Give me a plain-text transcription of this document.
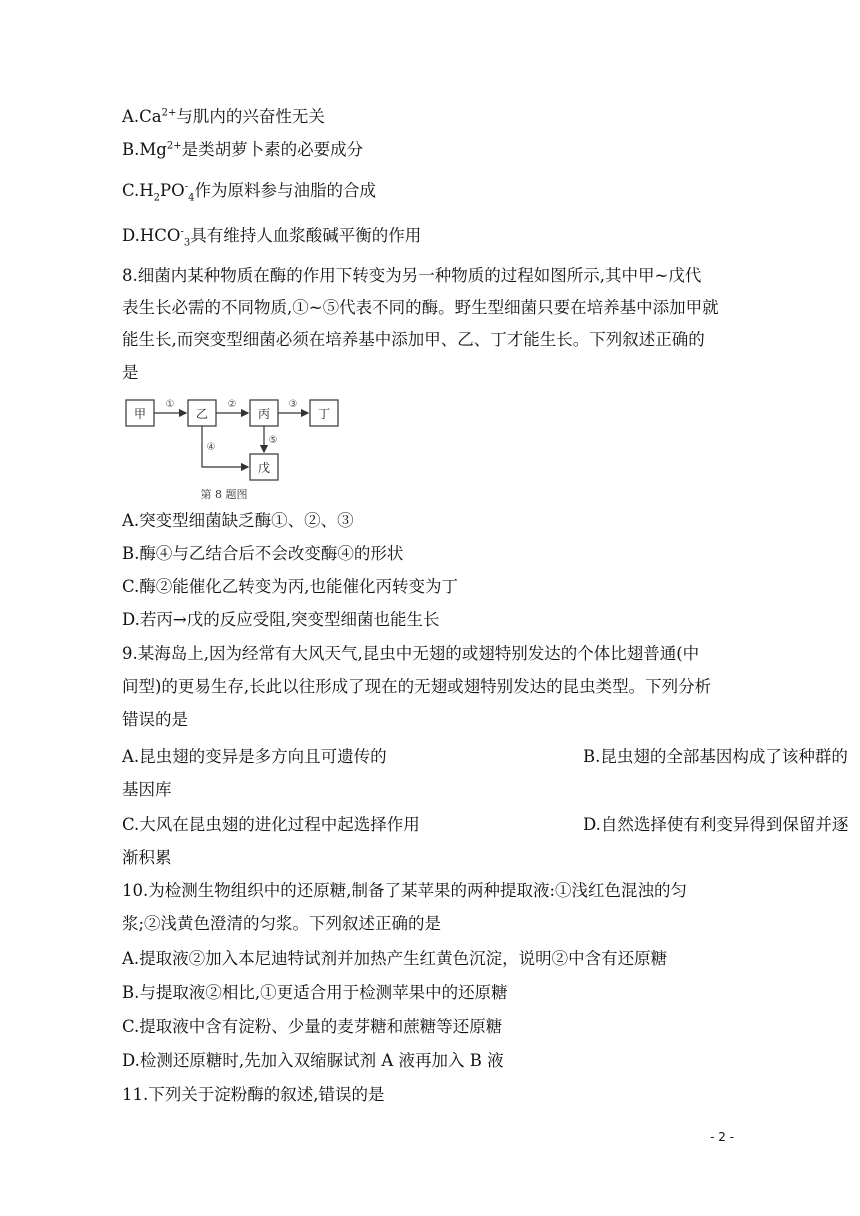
$A.Ca^{2+}$与肌内的兴奋性无关
$B.Mg^{2+}$是类胡萝卜素的必要成分
$C.H_2PO^-_4$作为原料参与油脂的合成
$D.HCO^-_3$具有维持人血浆酸碱平衡的作用
8.细菌内某种物质在酶的作用下转变为另一种物质的过程如图所示,其中甲~戊代
表生长必需的不同物质,①~⑤代表不同的酶。野生型细菌只要在培养基中添加甲就
能生长,而突变型细菌必须在培养基中添加甲、乙、丁才能生长。下列叙述正确的
是
甲	乙	丙	丁
戊
①	②	③
④
⑤
第 8 题图
A.突变型细菌缺乏酶①、②、③
B.酶④与乙结合后不会改变酶④的形状
C.酶②能催化乙转变为丙,也能催化丙转变为丁
D.若丙→戊的反应受阻,突变型细菌也能生长
9.某海岛上,因为经常有大风天气,昆虫中无翅的或翅特别发达的个体比翅普通(中
间型)的更易生存,长此以往形成了现在的无翅或翅特别发达的昆虫类型。下列分析
错误的是
A.昆虫翅的变异是多方向且可遗传的	B.昆虫翅的全部基因构成了该种群的
基因库
C.大风在昆虫翅的进化过程中起选择作用	D.自然选择使有利变异得到保留并逐
渐积累
10.为检测生物组织中的还原糖,制备了某苹果的两种提取液:①浅红色混浊的匀
浆;②浅黄色澄清的匀浆。下列叙述正确的是
A.提取液②加入本尼迪特试剂并加热产生红黄色沉淀，说明②中含有还原糖
B.与提取液②相比,①更适合用于检测苹果中的还原糖
C.提取液中含有淀粉、少量的麦芽糖和蔗糖等还原糖
D.检测还原糖时,先加入双缩脲试剂 A 液再加入 B 液
11.下列关于淀粉酶的叙述,错误的是
- 2 -
